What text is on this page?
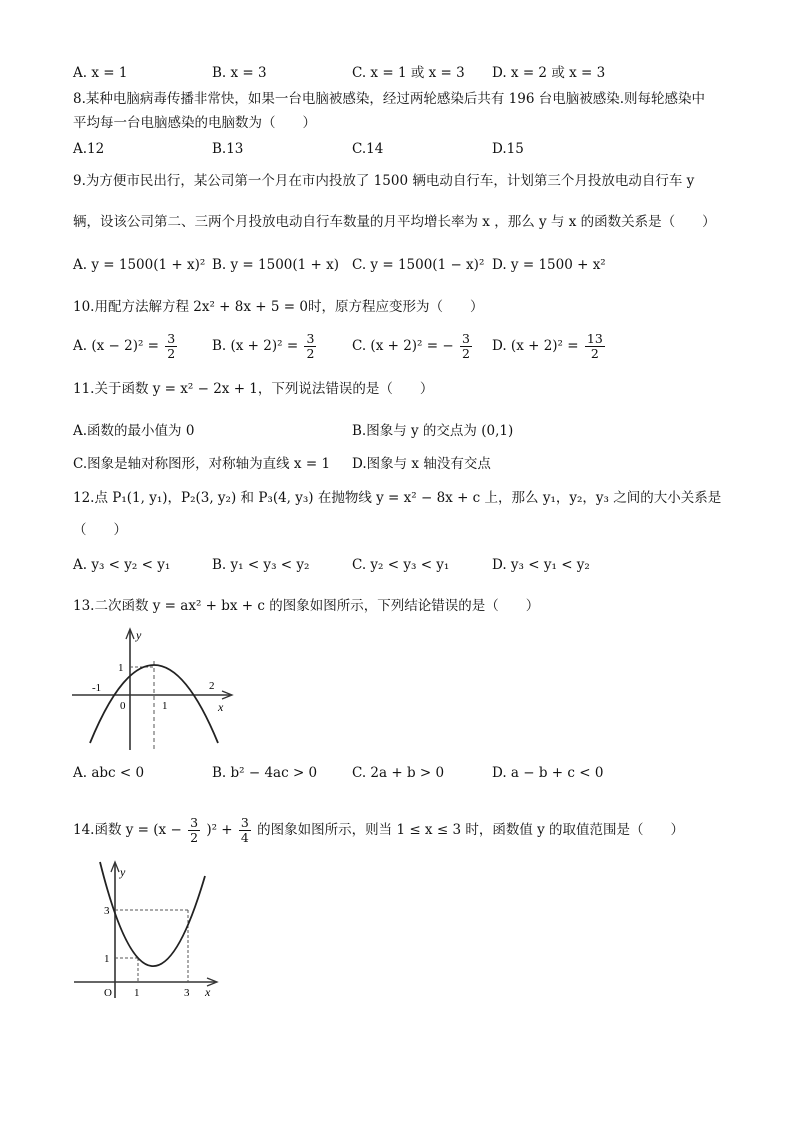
A. x = 1	B. x = 3	C. x = 1 或 x = 3 D. x = 2 或 x = 3
8.某种电脑病毒传播非常快，如果一台电脑被感染，经过两轮感染后共有 196 台电脑被感染.则每轮感染中
平均每一台电脑感染的电脑数为（　　）
A.12	B.13	C.14	D.15
9.为方便市民出行，某公司第一个月在市内投放了 1500 辆电动自行车，计划第三个月投放电动自行车 y
辆，设该公司第二、三两个月投放电动自行车数量的月平均增长率为 x ，那么 y 与 x 的函数关系是（　　）
A. y = 1500(1 + x)² B. y = 1500(1 + x) C. y = 1500(1 − x)² D. y = 1500 + x²
10.用配方法解方程 2x² + 8x + 5 = 0时，原方程应变形为（　　）
A. $(x - 2)^2 = \frac{3}{2}$	B. $(x + 2)^2 = \frac{3}{2}$	C. (x + 2)² = − $\frac{3}{2} D$. $(x + 2)^2 = \frac{13}{2}$
11.关于函数 y = x² − 2x + 1，下列说法错误的是（　　）
A.函数的最小值为 0	B.图象与 y 的交点为 (0,1)
C.图象是轴对称图形，对称轴为直线 x = 1 D.图象与 x 轴没有交点
12.点 P₁(1, y₁)，P₂(3, y₂) 和 P₃(4, y₃) 在抛物线 y = x² − 8x + c 上，那么 y₁，y₂，y₃ 之间的大小关系是
（　　）
A. y₃ < y₂ < y₁	B. y₁ < y₃ < y₂	C. y₂ < y₃ < y₁	D. y₃ < y₁ < y₂
13.二次函数 y = ax² + bx + c 的图象如图所示，下列结论错误的是（　　）
y
x
0
1
1
-1	2
A. abc < 0	B. b² − 4ac > 0	C. 2a + b > 0	D. a − b + c < 0
14.函数 $y = (x - \frac{3}{2} )^2 + \frac{3}{4}$ 的图象如图所示，则当 1 ≤ x ≤ 3 时，函数值 y 的取值范围是（　　）
y
x
O
3
1
1	3
